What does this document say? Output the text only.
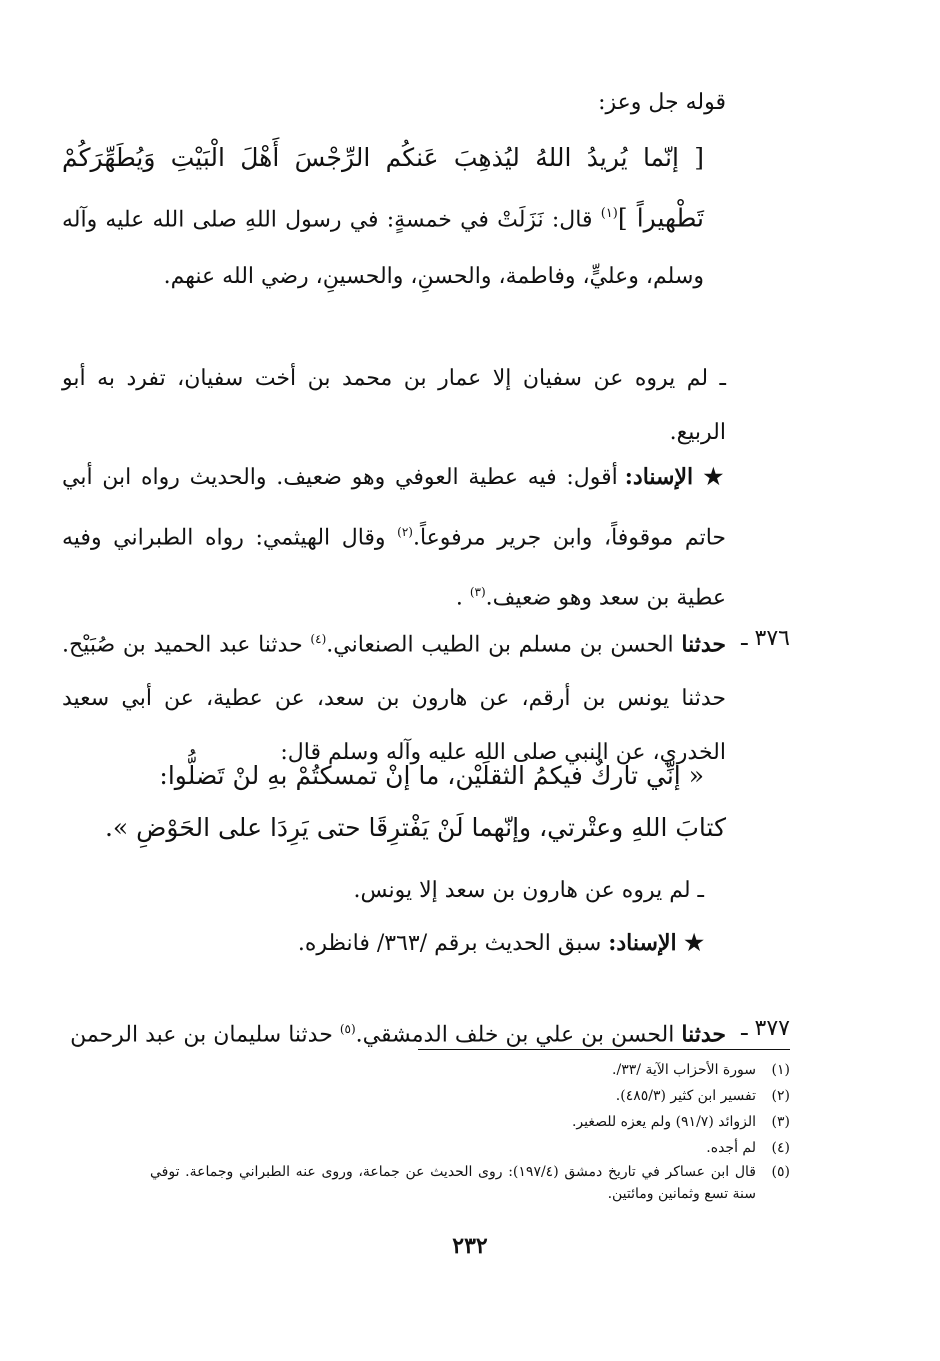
قوله جل وعز:

[ إنّما يُريدُ اللهُ ليُذهِبَ عَنكُم الرِّجْسَ أَهْلَ الْبَيْتِ وَيُطَهِّرَكُمْ تَطْهيراً ]$^{(١)}$ قال: نَزَلَتْ في خمسةٍ: في رسول اللهِ صلى الله عليه وآله وسلم، وعليٍّ، وفاطمة، والحسنِ، والحسينِ، رضي الله عنهم.
ـ لم يروه عن سفيان إلا عمار بن محمد بن أخت سفيان، تفرد به أبو الربيع.
★ الإسناد: أقول: فيه عطية العوفي وهو ضعيف. والحديث رواه ابن أبي حاتم موقوفاً، وابن جرير مرفوعاً.$^{(٢)}$ وقال الهيثمي: رواه الطبراني وفيه عطية بن سعد وهو ضعيف.$^{(٣)}$ .
٣٧٦ ـ
حدثنا الحسن بن مسلم بن الطيب الصنعاني.$^{(٤)}$ حدثنا عبد الحميد بن صُبَيْح. حدثنا يونس بن أرقم، عن هارون بن سعد، عن عطية، عن أبي سعيد الخدري، عن النبي صلى الله عليه وآله وسلم قال:

« إنِّي تاركٌ فيكمُ الثقلَيْن، ما إنْ تمسكتُمْ بهِ لنْ تَضلُّوا:

كتابَ اللهِ وعتْرتي، وإنّهما لَنْ يَفْترِقَا حتى يَرِدَا على الحَوْضِ ».

ـ لم يروه عن هارون بن سعد إلا يونس.

★ الإسناد: سبق الحديث برقم /٣٦٣/ فانظره.

٣٧٧ ـ

حدثنا الحسن بن علي بن خلف الدمشقي.$^{(٥)}$ حدثنا سليمان بن عبد الرحمن

(١)
سورة الأحزاب الآية /٣٣/.
(٢)
تفسير ابن كثير (٤٨٥/٣).
(٣)
الزوائد (٩١/٧) ولم يعزه للصغير.
(٤)
لم أجده.
(٥)
قال ابن عساكر في تاريخ دمشق (١٩٧/٤): روى الحديث عن جماعة، وروى عنه الطبراني وجماعة. توفي سنة تسع وثمانين ومائتين.
٢٣٢
